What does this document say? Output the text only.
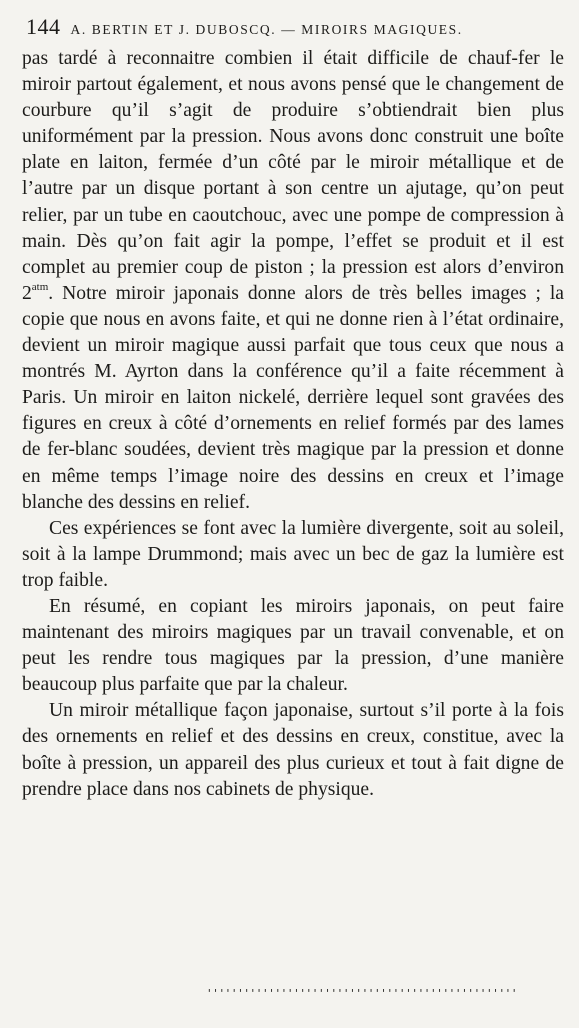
144 A. BERTIN ET J. DUBOSCQ. — MIROIRS MAGIQUES.

pas tardé à reconnaitre combien il était difficile de chauf-fer le miroir partout également, et nous avons pensé que le changement de courbure qu’il s’agit de produire s’obtiendrait bien plus uniformément par la pression. Nous avons donc construit une boîte plate en laiton, fermée d’un côté par le miroir métallique et de l’autre par un disque portant à son centre un ajutage, qu’on peut relier, par un tube en caoutchouc, avec une pompe de compression à main. Dès qu’on fait agir la pompe, l’effet se produit et il est complet au premier coup de piston ; la pression est alors d’environ $2^{atm}$. Notre miroir japonais donne alors de très belles images ; la copie que nous en avons faite, et qui ne donne rien à l’état ordinaire, devient un miroir magique aussi parfait que tous ceux que nous a montrés M. Ayrton dans la conférence qu’il a faite récemment à Paris. Un miroir en laiton nickelé, derrière lequel sont gravées des figures en creux à côté d’ornements en relief formés par des lames de fer-blanc soudées, devient très magique par la pression et donne en même temps l’image noire des dessins en creux et l’image blanche des dessins en relief.

Ces expériences se font avec la lumière divergente, soit au soleil, soit à la lampe Drummond; mais avec un bec de gaz la lumière est trop faible.

En résumé, en copiant les miroirs japonais, on peut faire maintenant des miroirs magiques par un travail convenable, et on peut les rendre tous magiques par la pression, d’une manière beaucoup plus parfaite que par la chaleur.

Un miroir métallique façon japonaise, surtout s’il porte à la fois des ornements en relief et des dessins en creux, constitue, avec la boîte à pression, un appareil des plus curieux et tout à fait digne de prendre place dans nos cabinets de physique.

''''''''''''''''''''''''''''''''''''''''''''''''''
